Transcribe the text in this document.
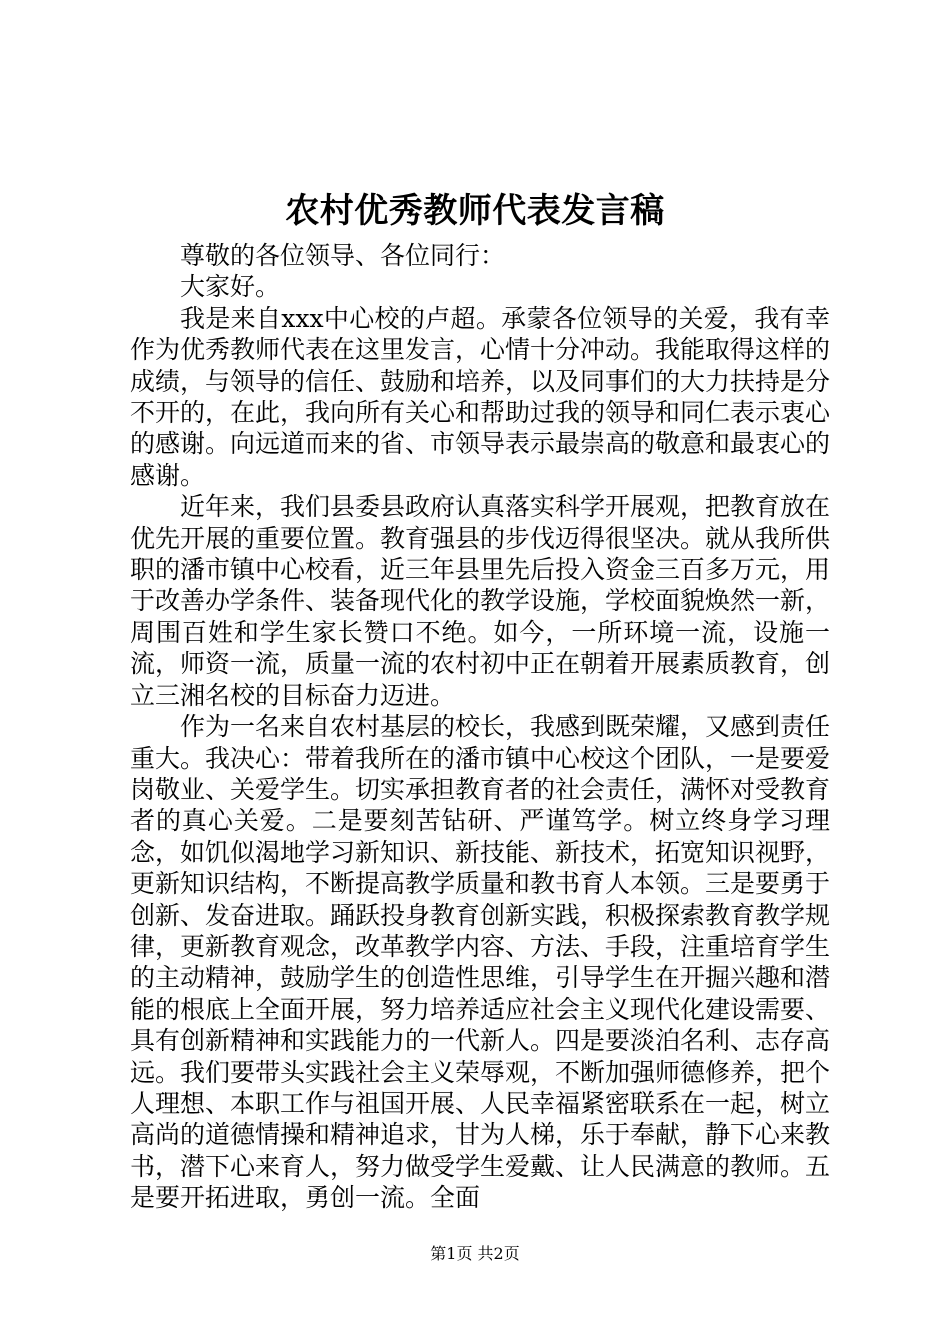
农村优秀教师代表发言稿

尊敬的各位领导、各位同行：

大家好。

我是来自xxx中心校的卢超。承蒙各位领导的关爱，我有幸作为优秀教师代表在这里发言，心情十分冲动。我能取得这样的成绩，与领导的信任、鼓励和培养，以及同事们的大力扶持是分不开的，在此，我向所有关心和帮助过我的领导和同仁表示衷心的感谢。向远道而来的省、市领导表示最崇高的敬意和最衷心的感谢。

近年来，我们县委县政府认真落实科学开展观，把教育放在优先开展的重要位置。教育强县的步伐迈得很坚决。就从我所供职的潘市镇中心校看，近三年县里先后投入资金三百多万元，用于改善办学条件、装备现代化的教学设施，学校面貌焕然一新，周围百姓和学生家长赞口不绝。如今，一所环境一流，设施一流，师资一流，质量一流的农村初中正在朝着开展素质教育，创立三湘名校的目标奋力迈进。

作为一名来自农村基层的校长，我感到既荣耀，又感到责任重大。我决心：带着我所在的潘市镇中心校这个团队，一是要爱岗敬业、关爱学生。切实承担教育者的社会责任，满怀对受教育者的真心关爱。二是要刻苦钻研、严谨笃学。树立终身学习理念，如饥似渴地学习新知识、新技能、新技术，拓宽知识视野，更新知识结构，不断提高教学质量和教书育人本领。三是要勇于创新、发奋进取。踊跃投身教育创新实践，积极探索教育教学规律，更新教育观念，改革教学内容、方法、手段，注重培育学生的主动精神，鼓励学生的创造性思维，引导学生在开掘兴趣和潜能的根底上全面开展，努力培养适应社会主义现代化建设需要、具有创新精神和实践能力的一代新人。四是要淡泊名利、志存高远。我们要带头实践社会主义荣辱观，不断加强师德修养，把个人理想、本职工作与祖国开展、人民幸福紧密联系在一起，树立高尚的道德情操和精神追求，甘为人梯，乐于奉献，静下心来教书，潜下心来育人，努力做受学生爱戴、让人民满意的教师。五是要开拓进取，勇创一流。全面

第1页 共2页
